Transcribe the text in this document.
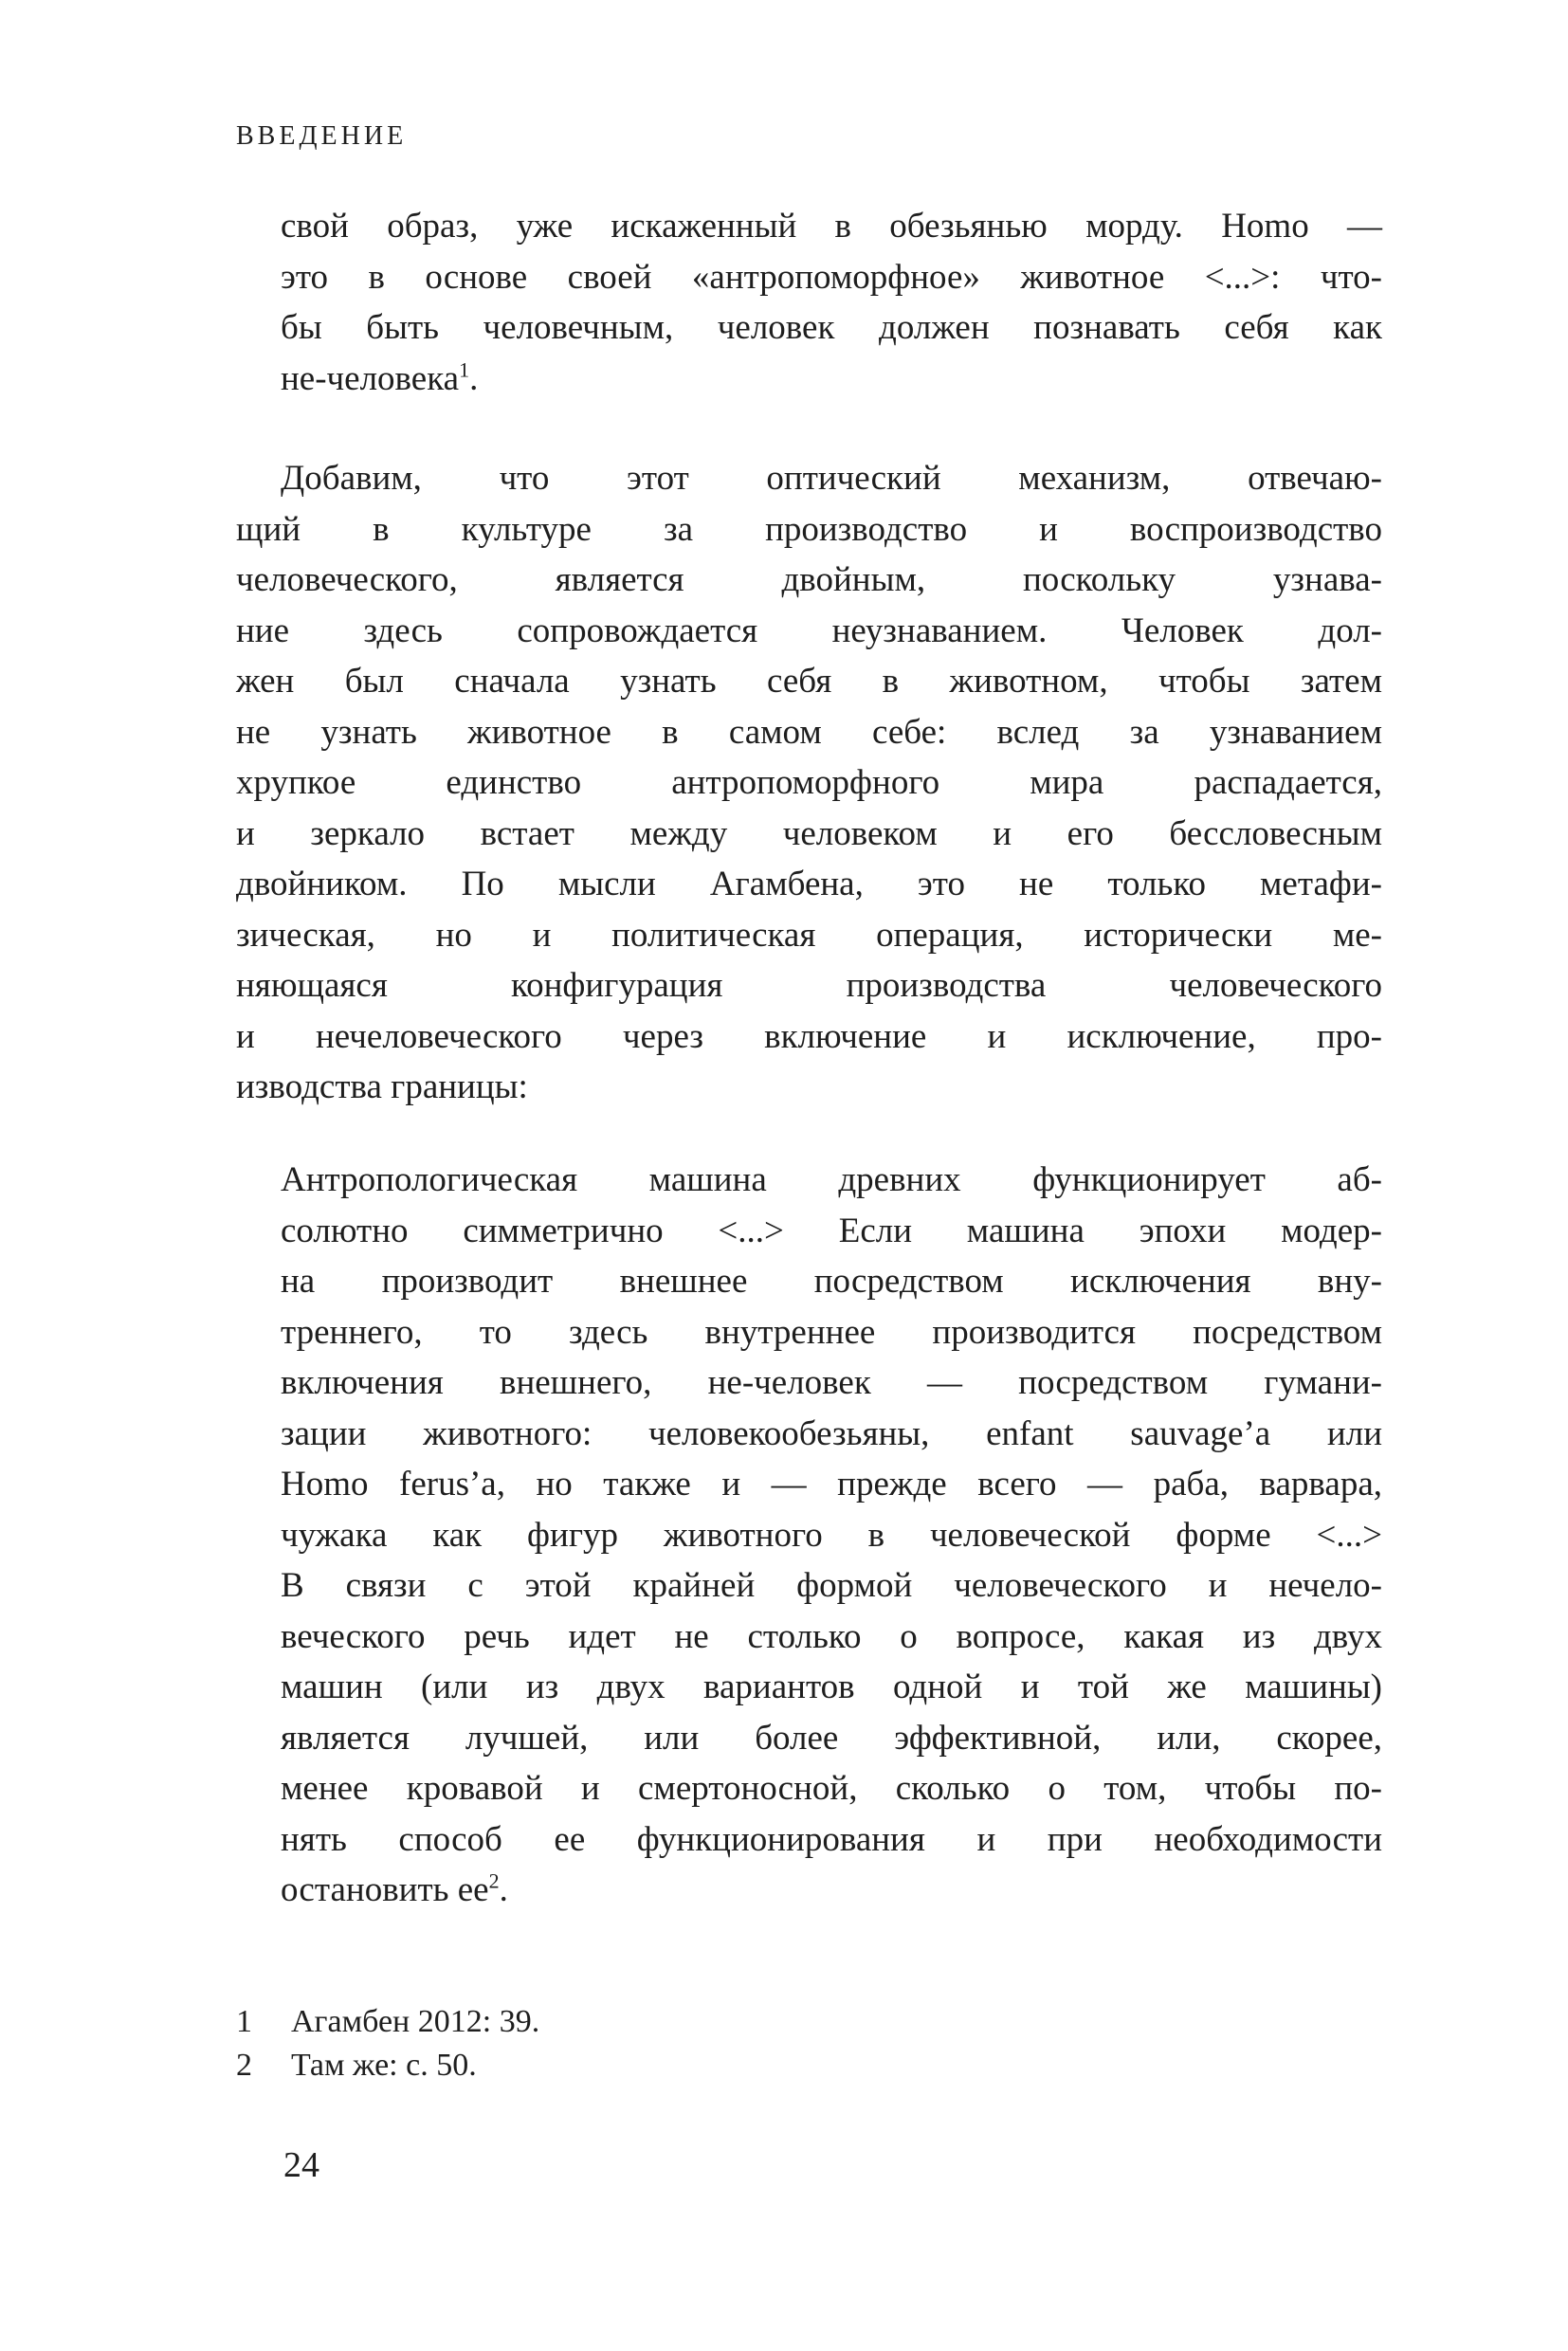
ВВЕДЕНИЕ
свой образ, уже искаженный в обезьянью морду. Homo —
это в основе своей «антропоморфное» животное <...>: что-
бы быть человечным, человек должен познавать себя как
не-человека$^1$.
Добавим, что этот оптический механизм, отвечаю-
щий в культуре за производство и воспроизводство
человеческого, является двойным, поскольку узнава-
ние здесь сопровождается неузнаванием. Человек дол-
жен был сначала узнать себя в животном, чтобы затем
не узнать животное в самом себе: вслед за узнаванием
хрупкое единство антропоморфного мира распадается,
и зеркало встает между человеком и его бессловесным
двойником. По мысли Агамбена, это не только метафи-
зическая, но и политическая операция, исторически ме-
няющаяся конфигурация производства человеческого
и нечеловеческого через включение и исключение, про-
изводства границы:
Антропологическая машина древних функционирует аб-
солютно симметрично <...> Если машина эпохи модер-
на производит внешнее посредством исключения вну-
треннего, то здесь внутреннее производится посредством
включения внешнего, не-человек — посредством гумани-
зации животного: человекообезьяны, enfant sauvage’а или
Homo ferus’а, но также и — прежде всего — раба, варвара,
чужака как фигур животного в человеческой форме <...>
В связи с этой крайней формой человеческого и нечело-
веческого речь идет не столько о вопросе, какая из двух
машин (или из двух вариантов одной и той же машины)
является лучшей, или более эффективной, или, скорее,
менее кровавой и смертоносной, сколько о том, чтобы по-
нять способ ее функционирования и при необходимости
остановить $ее^2$.
1 Агамбен 2012: 39.
2 Там же: с. 50.
24
